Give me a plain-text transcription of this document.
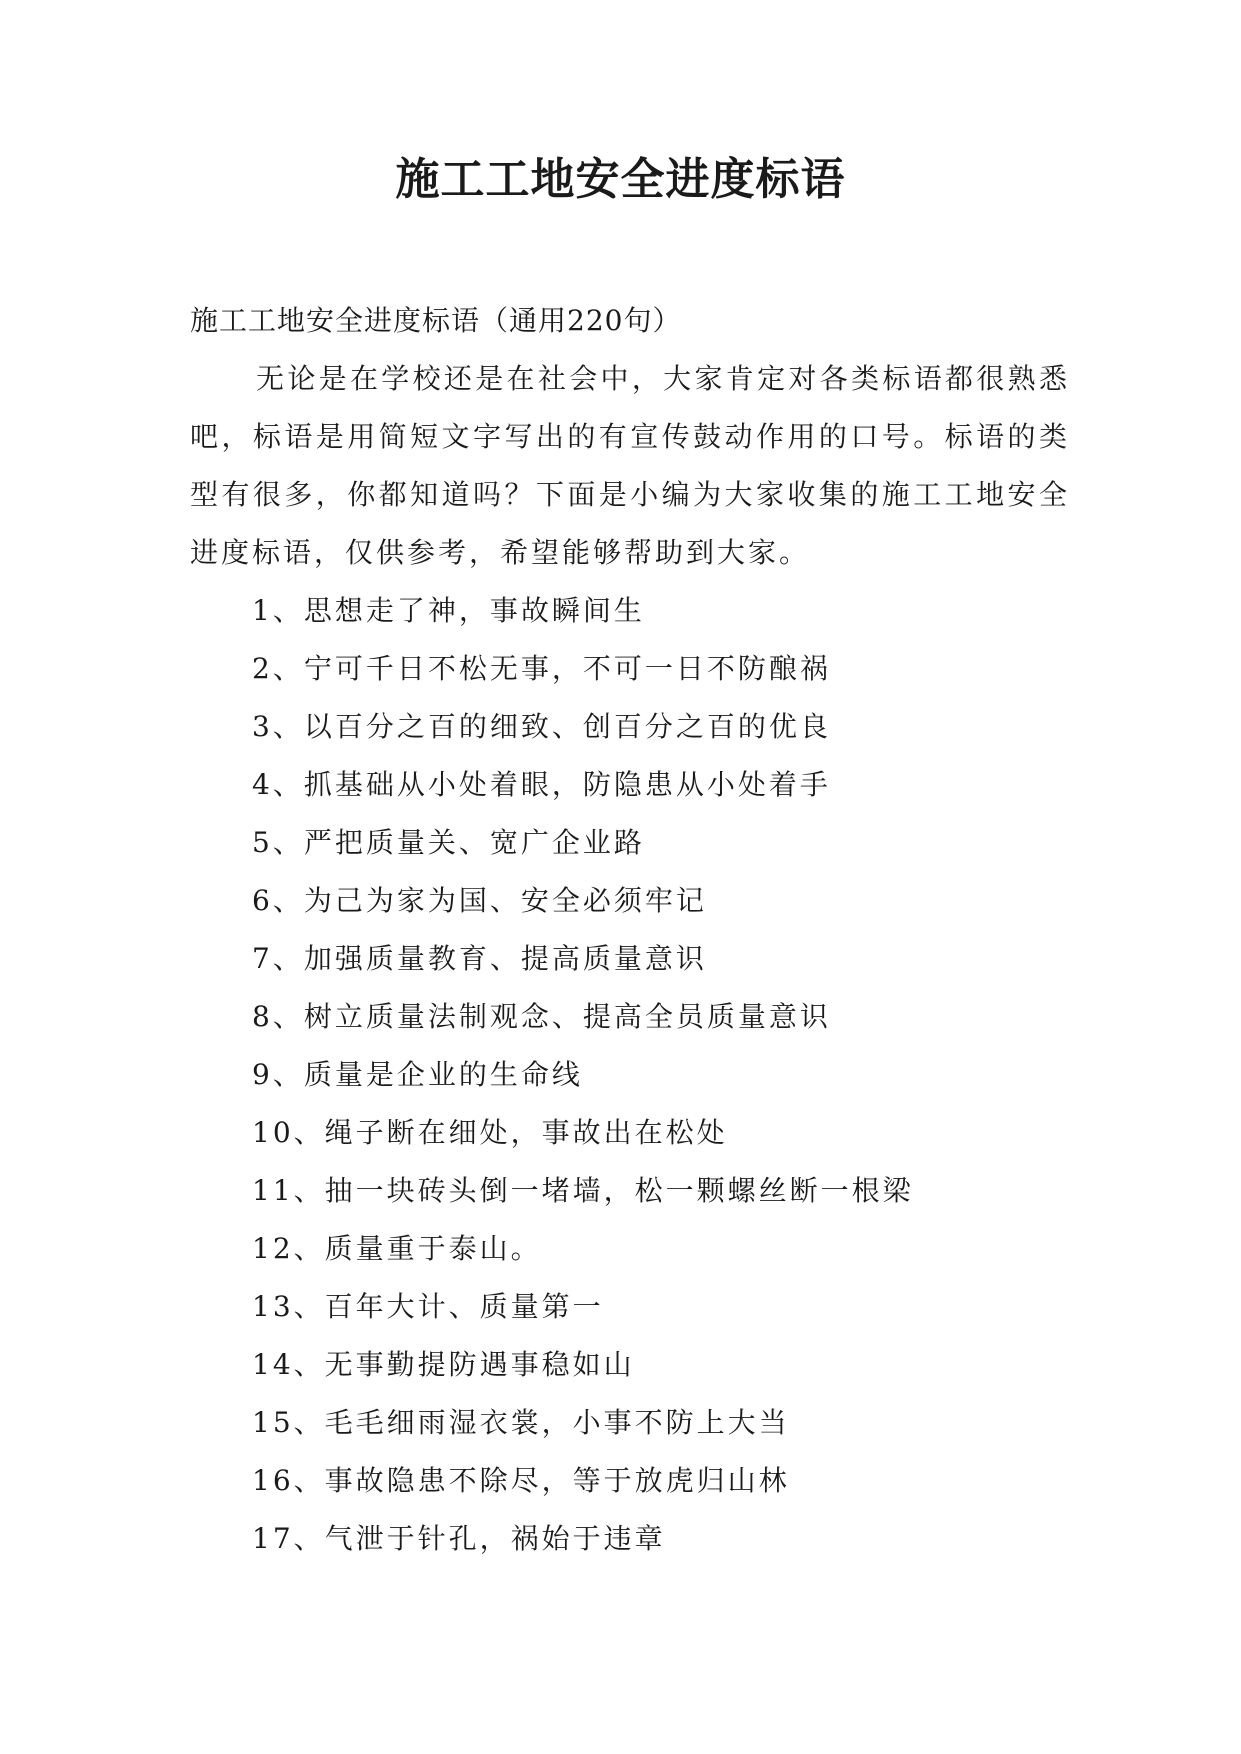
施工工地安全进度标语

施工工地安全进度标语（通用220句）

无论是在学校还是在社会中，大家肯定对各类标语都很熟悉吧，标语是用简短文字写出的有宣传鼓动作用的口号。标语的类型有很多，你都知道吗？下面是小编为大家收集的施工工地安全进度标语，仅供参考，希望能够帮助到大家。

1、思想走了神，事故瞬间生
2、宁可千日不松无事，不可一日不防酿祸
3、以百分之百的细致、创百分之百的优良
4、抓基础从小处着眼，防隐患从小处着手
5、严把质量关、宽广企业路
6、为己为家为国、安全必须牢记
7、加强质量教育、提高质量意识
8、树立质量法制观念、提高全员质量意识
9、质量是企业的生命线
10、绳子断在细处，事故出在松处
11、抽一块砖头倒一堵墙，松一颗螺丝断一根梁
12、质量重于泰山。
13、百年大计、质量第一
14、无事勤提防遇事稳如山
15、毛毛细雨湿衣裳，小事不防上大当
16、事故隐患不除尽，等于放虎归山林
17、气泄于针孔，祸始于违章
